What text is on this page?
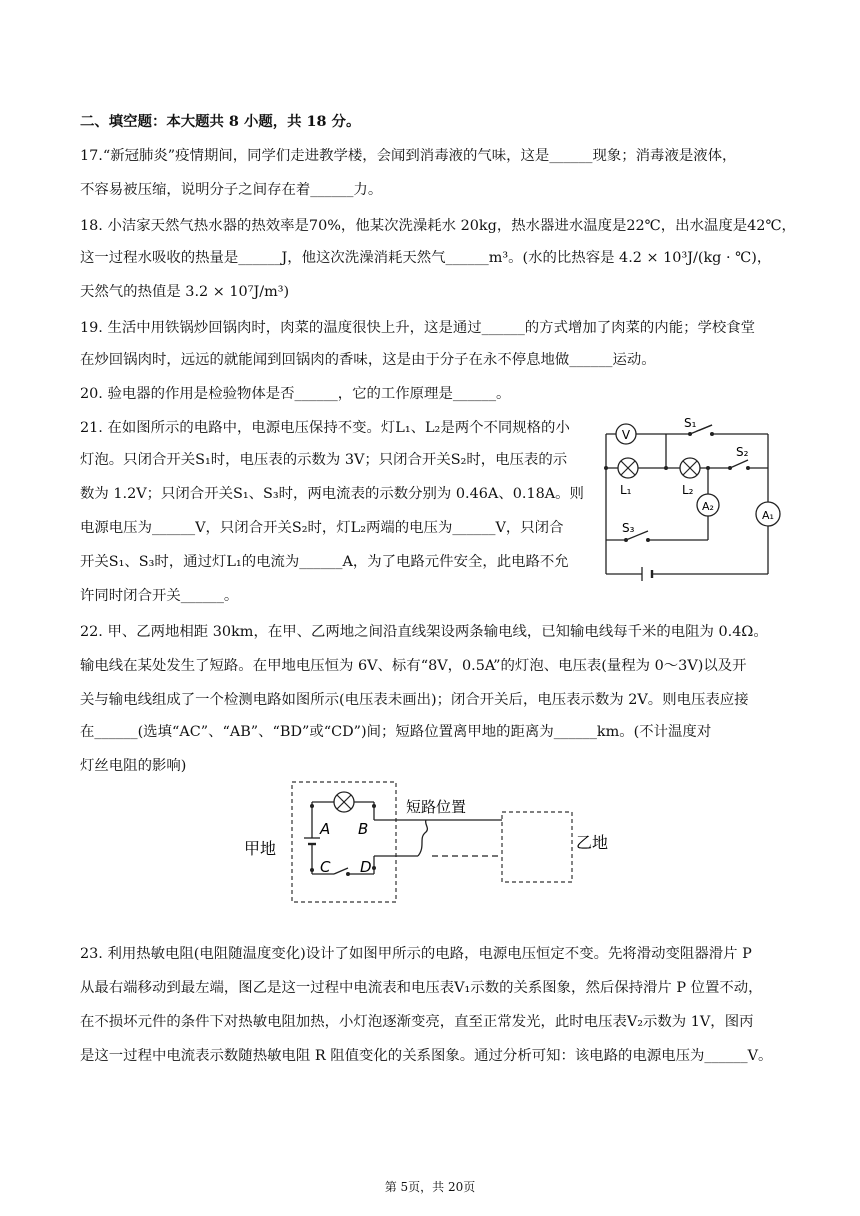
二、填空题：本大题共 8 小题，共 18 分。
17.“新冠肺炎”疫情期间，同学们走进教学楼，会闻到消毒液的气味，这是______现象；消毒液是液体，
不容易被压缩，说明分子之间存在着______力。
18. 小洁家天然气热水器的热效率是70%，他某次洗澡耗水 20kg，热水器进水温度是22℃，出水温度是42℃，
这一过程水吸收的热量是______J，他这次洗澡消耗天然气______m³。(水的比热容是 4.2 × 10³J/(kg · ℃)，
天然气的热值是 3.2 × 10⁷J/m³)
19. 生活中用铁锅炒回锅肉时，肉菜的温度很快上升，这是通过______的方式增加了肉菜的内能；学校食堂
在炒回锅肉时，远远的就能闻到回锅肉的香味，这是由于分子在永不停息地做______运动。
20. 验电器的作用是检验物体是否______，它的工作原理是______。
21. 在如图所示的电路中，电源电压保持不变。灯L₁、L₂是两个不同规格的小
灯泡。只闭合开关S₁时，电压表的示数为 3V；只闭合开关S₂时，电压表的示
数为 1.2V；只闭合开关S₁、S₃时，两电流表的示数分别为 0.46A、0.18A。则
电源电压为______V，只闭合开关S₂时，灯L₂两端的电压为______V，只闭合
开关S₁、S₃时，通过灯L₁的电流为______A，为了电路元件安全，此电路不允
许同时闭合开关______。
V
A₂
A₁
S₁
S₂
S₃
L₁	L₂
22. 甲、乙两地相距 30km，在甲、乙两地之间沿直线架设两条输电线，已知输电线每千米的电阻为 0.4Ω。
输电线在某处发生了短路。在甲地电压恒为 6V、标有“8V，0.5A”的灯泡、电压表(量程为 0～3V)以及开
关与输电线组成了一个检测电路如图所示(电压表未画出)；闭合开关后，电压表示数为 2V。则电压表应接
在______(选填“AC”、“AB”、“BD”或“CD”)间；短路位置离甲地的距离为______km。(不计温度对
灯丝电阻的影响)
A B
C D
甲地	乙地
短路位置
23. 利用热敏电阻(电阻随温度变化)设计了如图甲所示的电路，电源电压恒定不变。先将滑动变阻器滑片 P
从最右端移动到最左端，图乙是这一过程中电流表和电压表V₁示数的关系图象，然后保持滑片 P 位置不动，
在不损坏元件的条件下对热敏电阻加热，小灯泡逐渐变亮，直至正常发光，此时电压表V₂示数为 1V，图丙
是这一过程中电流表示数随热敏电阻 R 阻值变化的关系图象。通过分析可知：该电路的电源电压为______V。
第 5页，共 20页
